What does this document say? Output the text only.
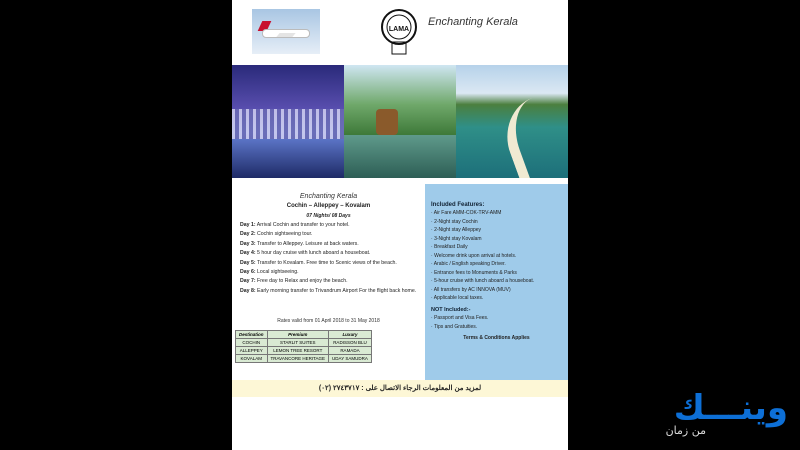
LAMA
Enchanting Kerala
Enchanting Kerala
Cochin – Alleppey – Kovalam
07 Nights/ 08 Days
Day 1: Arrival Cochin and transfer to your hotel.
Day 2: Cochin sightseeing tour.
Day 3: Transfer to Alleppey. Leisure at back waters.
Day 4: 5 hour day cruise with lunch aboard a houseboat.
Day 5: Transfer to Kovalam. Free time to Scenic views of the beach.
Day 6: Local sightseeing.
Day 7: Free day to Relax and enjoy the beach.
Day 8: Early morning transfer to Trivandrum Airport For the flight back home.
Rates valid from 01 April 2018 to 31 May 2018
Destination	Premium	Luxury
COCHIN	STARLIT SUITES	RADISSON BLU
ALLEPPEY	LEMON TREE RESORT	RAMADA
KOVALAM	TRAVANCORE HERITAGE	UDAY SAMUDRA
Included Features:
· Air Fare AMM-COK-TRV-AMM
· 2-Night stay Cochin
· 2-Night stay Alleppey
· 3-Night stay Kovalam
· Breakfast Daily
· Welcome drink upon arrival at hotels.
· Arabic / English speaking Driver.
· Entrance fees to Monuments & Parks
· 5-hour cruise with lunch aboard a houseboat.
· All transfers by AC INNOVA (MUV)
· Applicable local taxes.
NOT Included:-
· Passport and Visa Fees.
· Tips and Gratuities.
Terms & Conditions Applies
لمزيد من المعلومات الرجاء الاتصال على : ٢٧٤٣٧١٧ (٠٢)	وينـــك
من زمان
